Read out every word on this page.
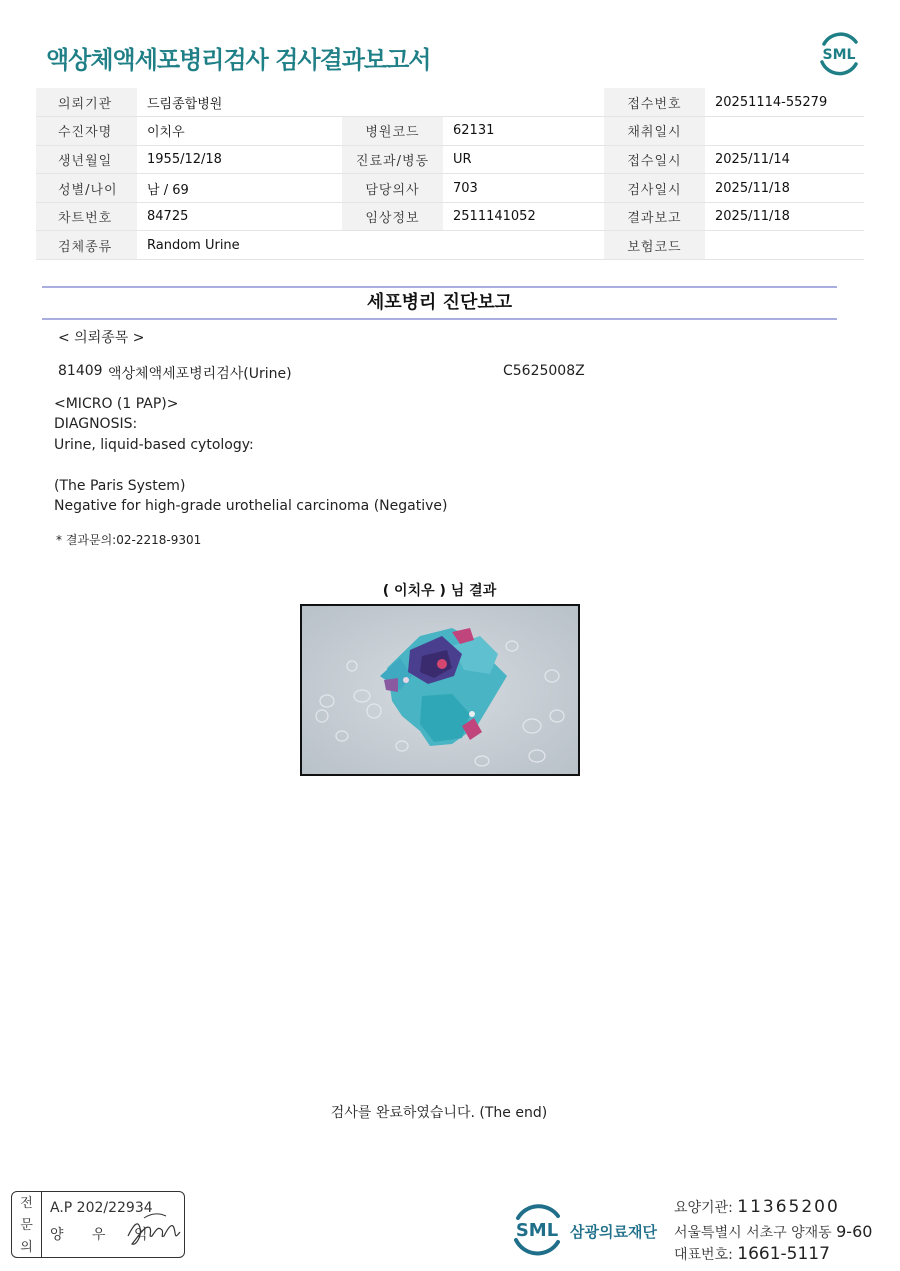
액상체액세포병리검사 검사결과보고서	SML
의뢰기관	드림종합병원			접수번호	20251114-55279
수진자명	이치우	병원코드	62131	채취일시	
생년월일	1955/12/18	진료과/병동	UR	접수일시	2025/11/14
성별/나이	남 / 69	담당의사	703	검사일시	2025/11/18
차트번호	84725	임상정보	2511141052	결과보고	2025/11/18
검체종류	Random Urine			보험코드	
세포병리 진단보고
< 의뢰종목 >
81409 액상체액세포병리검사(Urine)	C5625008Z
<MICRO (1 PAP)>
DIAGNOSIS:
Urine, liquid-based cytology:
(The Paris System)
Negative for high-grade urothelial carcinoma (Negative)
* 결과문의:02-2218-9301
( 이치우 ) 님 결과
검사를 완료하였습니다. (The end)
전
문
의
A.P 202/22934
양 우 익	SML 삼광의료재단
요양기관: 11365200
서울특별시 서초구 양재동 9-60
대표번호: 1661-5117
